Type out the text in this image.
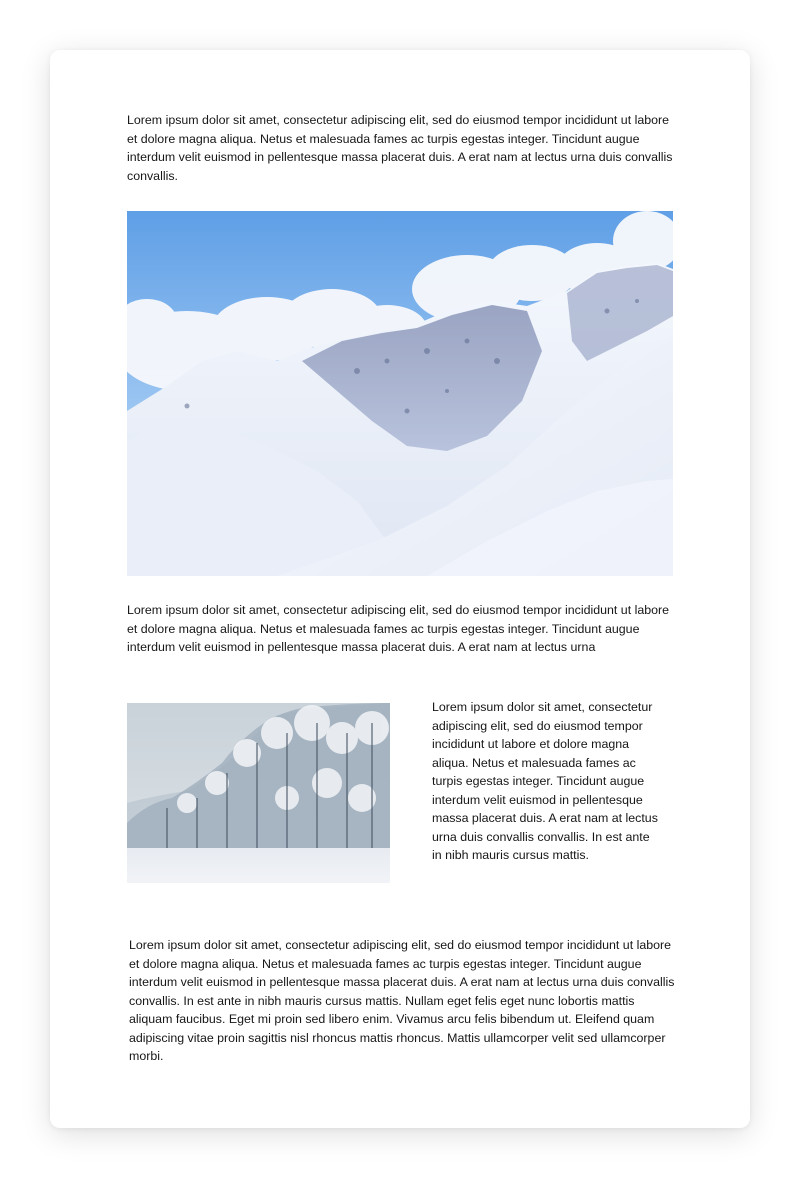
Lorem ipsum dolor sit amet, consectetur adipiscing elit, sed do eiusmod tempor incididunt ut labore et dolore magna aliqua. Netus et malesuada fames ac turpis egestas integer. Tincidunt augue interdum velit euismod in pellentesque massa placerat duis. A erat nam at lectus urna duis convallis convallis.

Lorem ipsum dolor sit amet, consectetur adipiscing elit, sed do eiusmod tempor incididunt ut labore et dolore magna aliqua. Netus et malesuada fames ac turpis egestas integer. Tincidunt augue interdum velit euismod in pellentesque massa placerat duis. A erat nam at lectus urna

Lorem ipsum dolor sit amet, consectetur adipiscing elit, sed do eiusmod tempor incididunt ut labore et dolore magna aliqua. Netus et malesuada fames ac turpis egestas integer. Tincidunt augue interdum velit euismod in pellentesque massa placerat duis. A erat nam at lectus urna duis convallis convallis. In est ante in nibh mauris cursus mattis.

Lorem ipsum dolor sit amet, consectetur adipiscing elit, sed do eiusmod tempor incididunt ut labore et dolore magna aliqua. Netus et malesuada fames ac turpis egestas integer. Tincidunt augue interdum velit euismod in pellentesque massa placerat duis. A erat nam at lectus urna duis convallis convallis. In est ante in nibh mauris cursus mattis. Nullam eget felis eget nunc lobortis mattis aliquam faucibus. Eget mi proin sed libero enim. Vivamus arcu felis bibendum ut. Eleifend quam adipiscing vitae proin sagittis nisl rhoncus mattis rhoncus. Mattis ullamcorper velit sed ullamcorper morbi.
